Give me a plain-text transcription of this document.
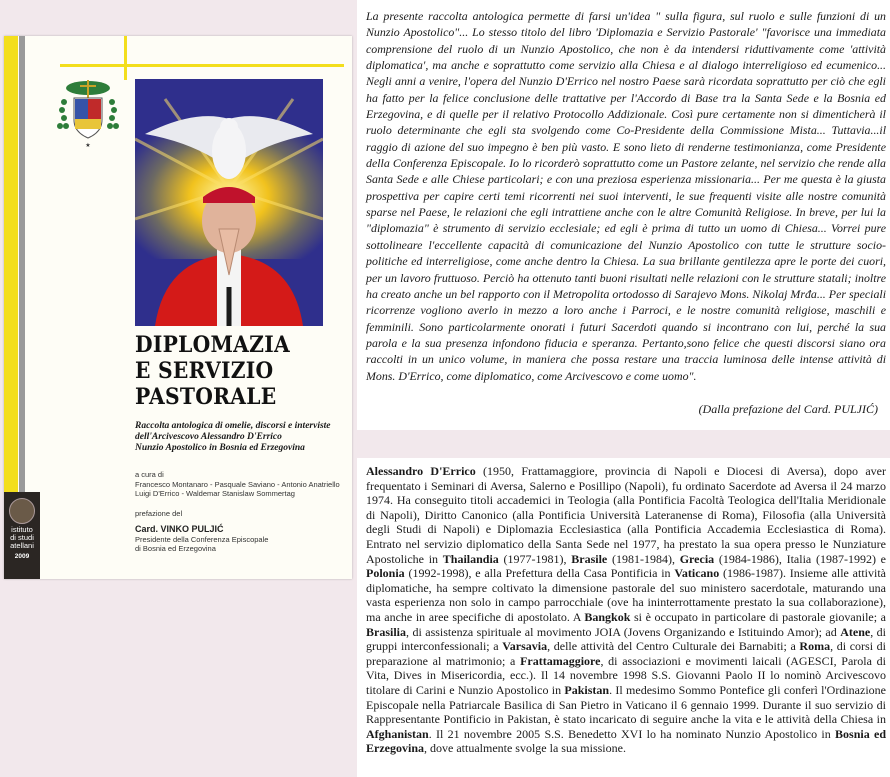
★
DIPLOMAZIA
E SERVIZIO
PASTORALE
Raccolta antologica di omelie, discorsi e interviste
dell'Arcivescovo Alessandro D'Errico
Nunzio Apostolico in Bosnia ed Erzegovina
a cura di
Francesco Montanaro - Pasquale Saviano - Antonio Anatriello
Luigi D'Errico - Waldemar Stanislaw Sommertag
prefazione del
Card. VINKO PULJIĆ
Presidente della Conferenza Episcopale
di Bosnia ed Erzegovina
istituto
di studi
atellani
2009

La presente raccolta antologica permette di farsi un'idea " sulla figura, sul ruolo e sulle funzioni di un Nunzio Apostolico"... Lo stesso titolo del libro 'Diplomazia e Servizio Pastorale' "favorisce una immediata comprensione del ruolo di un Nunzio Apostolico, che non è da intendersi riduttivamente come 'attività diplomatica', ma anche e soprattutto come servizio alla Chiesa e al dialogo interreligioso ed ecumenico... Negli anni a venire, l'opera del Nunzio D'Errico nel nostro Paese sarà ricordata soprattutto per ciò che egli ha fatto per la felice conclusione delle trattative per l'Accordo di Base tra la Santa Sede e la Bosnia ed Erzegovina, e di quelle per il relativo Protocollo Addizionale. Così pure certamente non si dimenticherà il ruolo determinante che egli sta svolgendo come Co-Presidente della Commissione Mista... Tuttavia...il raggio di azione del suo impegno è ben più vasto. E sono lieto di renderne testimonianza, come Presidente della Conferenza Episcopale. Io lo ricorderò soprattutto come un Pastore zelante, nel servizio che rende alla Santa Sede e alle Chiese particolari; e con una preziosa esperienza missionaria... Per me questa è la giusta prospettiva per capire certi temi ricorrenti nei suoi interventi, le sue frequenti visite alle nostre comunità sparse nel Paese, le relazioni che egli intrattiene anche con le altre Comunità Religiose. In breve, per lui la "diplomazia" è strumento di servizio ecclesiale; ed egli è prima di tutto un uomo di Chiesa... Vorrei pure sottolineare l'eccellente capacità di comunicazione del Nunzio Apostolico con tutte le strutture socio-politiche ed interreligiose, come anche dentro la Chiesa. La sua brillante gentilezza apre le porte dei cuori, per un lavoro fruttuoso. Perciò ha ottenuto tanti buoni risultati nelle relazioni con le strutture statali; inoltre ha creato anche un bel rapporto con il Metropolita ortodosso di Sarajevo Mons. Nikolaj Mrđa... Per speciali ricorrenze vogliono averlo in mezzo a loro anche i Parroci, e le nostre comunità religiose, maschili e femminili. Sono particolarmente onorati i futuri Sacerdoti quando si incontrano con lui, perché la sua parola e la sua presenza infondono fiducia e speranza. Pertanto,sono felice che questi discorsi siano ora raccolti in un unico volume, in maniera che possa restare una traccia luminosa delle intense attività di Mons. D'Errico, come diplomatico, come Arcivescovo e come uomo".

(Dalla prefazione del Card. PULJIĆ)

Alessandro D'Errico (1950, Frattamaggiore, provincia di Napoli e Diocesi di Aversa), dopo aver frequentato i Seminari di Aversa, Salerno e Posillipo (Napoli), fu ordinato Sacerdote ad Aversa il 24 marzo 1974. Ha conseguito titoli accademici in Teologia (alla Pontificia Facoltà Teologica dell'Italia Meridionale di Napoli), Diritto Canonico (alla Pontificia Università Lateranense di Roma), Filosofia (alla Università degli Studi di Napoli) e Diplomazia Ecclesiastica (alla Pontificia Accademia Ecclesiastica di Roma). Entrato nel servizio diplomatico della Santa Sede nel 1977, ha prestato la sua opera presso le Nunziature Apostoliche in Thailandia (1977-1981), Brasile (1981-1984), Grecia (1984-1986), Italia (1987-1992) e Polonia (1992-1998), e alla Prefettura della Casa Pontificia in Vaticano (1986-1987). Insieme alle attività diplomatiche, ha sempre coltivato la dimensione pastorale del suo ministero sacerdotale, maturando una vasta esperienza non solo in campo parrocchiale (ove ha ininterrottamente prestato la sua collaborazione), ma anche in aree specifiche di apostolato. A Bangkok si è occupato in particolare di pastorale giovanile; a Brasilia, di assistenza spirituale al movimento JOIA (Jovens Organizando e Istituindo Amor); ad Atene, di gruppi interconfessionali; a Varsavia, delle attività del Centro Culturale dei Barnabiti; a Roma, di corsi di preparazione al matrimonio; a Frattamaggiore, di associazioni e movimenti laicali (AGESCI, Parola di Vita, Dives in Misericordia, ecc.). Il 14 novembre 1998 S.S. Giovanni Paolo II lo nominò Arcivescovo titolare di Carini e Nunzio Apostolico in Pakistan. Il medesimo Sommo Pontefice gli conferì l'Ordinazione Episcopale nella Patriarcale Basilica di San Pietro in Vaticano il 6 gennaio 1999. Durante il suo servizio di Rappresentante Pontificio in Pakistan, è stato incaricato di seguire anche la vita e le attività della Chiesa in Afghanistan. Il 21 novembre 2005 S.S. Benedetto XVI lo ha nominato Nunzio Apostolico in Bosnia ed Erzegovina, dove attualmente svolge la sua missione.
